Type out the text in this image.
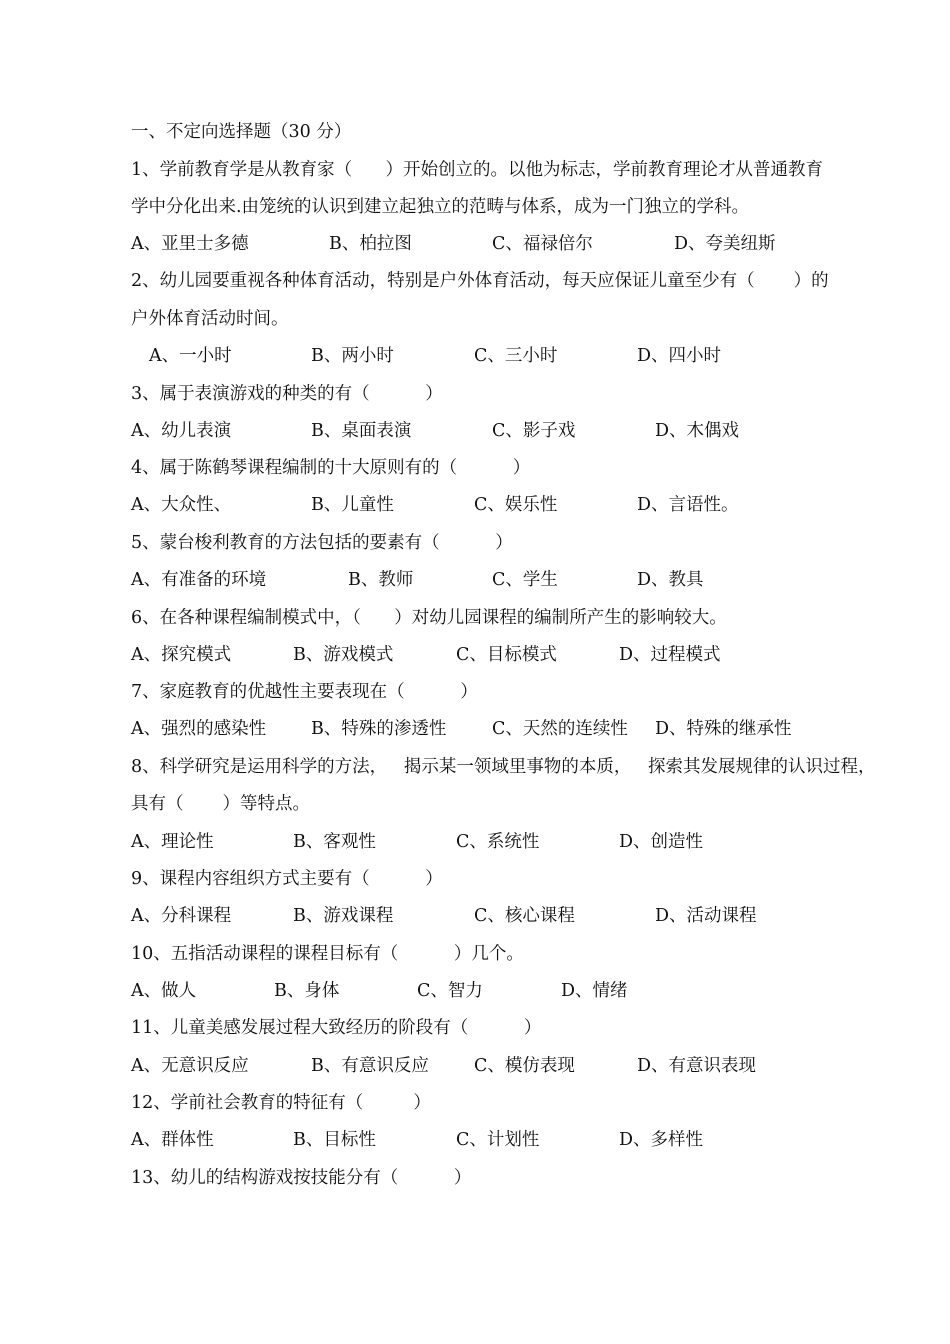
一、不定向选择题（30 分）
1、学前教育学是从教育家（      ）开始创立的。以他为标志，学前教育理论才从普通教育
学中分化出来.由笼统的认识到建立起独立的范畴与体系，成为一门独立的学科。
A、亚里士多德	B、柏拉图	C、福禄倍尔	D、夸美纽斯
2、幼儿园要重视各种体育活动，特别是户外体育活动，每天应保证儿童至少有（       ）的
户外体育活动时间。
A、一小时	B、两小时	C、三小时	D、四小时
3、属于表演游戏的种类的有（          ）
A、幼儿表演	B、桌面表演	C、影子戏	D、木偶戏
4、属于陈鹤琴课程编制的十大原则有的（          ）
A、大众性、	B、儿童性	C、娱乐性	D、言语性。
5、蒙台梭利教育的方法包括的要素有（          ）
A、有准备的环境	B、教师	C、学生	D、教具
6、在各种课程编制模式中，（      ）对幼儿园课程的编制所产生的影响较大。
A、探究模式	B、游戏模式	C、目标模式	D、过程模式
7、家庭教育的优越性主要表现在（          ）
A、强烈的感染性	B、特殊的渗透性	C、天然的连续性 D、特殊的继承性
8、科学研究是运用科学的方法，   揭示某一领域里事物的本质，   探索其发展规律的认识过程，
具有（       ）等特点。
A、理论性	B、客观性	C、系统性	D、创造性
9、课程内容组织方式主要有（          ）
A、分科课程	B、游戏课程	C、核心课程	D、活动课程
10、五指活动课程的课程目标有（          ）几个。
A、做人	B、身体	C、智力	D、情绪
11、儿童美感发展过程大致经历的阶段有（          ）
A、无意识反应	B、有意识反应	C、模仿表现	D、有意识表现
12、学前社会教育的特征有（         ）
A、群体性	B、目标性	C、计划性	D、多样性
13、幼儿的结构游戏按技能分有（          ）
